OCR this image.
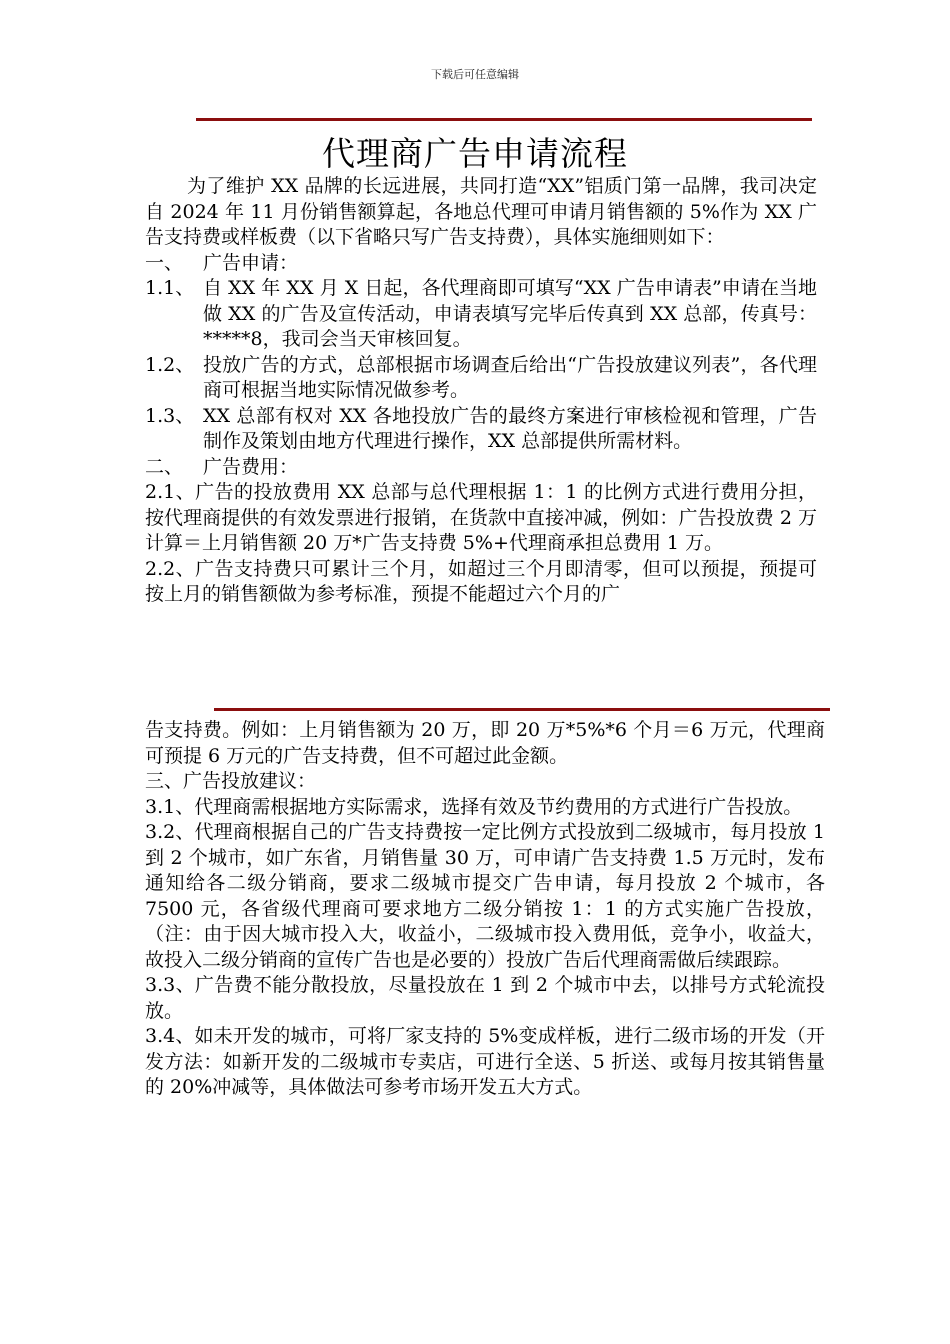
下载后可任意编辑
代理商广告申请流程

为了维护 XX 品牌的长远进展，共同打造“XX”铝质门第一品牌，我司决定自 2024 年 11 月份销售额算起，各地总代理可申请月销售额的 5%作为 XX 广告支持费或样板费（以下省略只写广告支持费），具体实施细则如下：

一、 广告申请：

1.1、 自 XX 年 XX 月 X 日起，各代理商即可填写“XX 广告申请表”申请在当地做 XX 的广告及宣传活动，申请表填写完毕后传真到 XX 总部，传真号：*****8，我司会当天审核回复。
1.2、 投放广告的方式，总部根据市场调查后给出“广告投放建议列表”，各代理商可根据当地实际情况做参考。
1.3、 XX 总部有权对 XX 各地投放广告的最终方案进行审核检视和管理，广告制作及策划由地方代理进行操作，XX 总部提供所需材料。

二、 广告费用：

2.1、广告的投放费用 XX 总部与总代理根据 1：1 的比例方式进行费用分担，按代理商提供的有效发票进行报销，在货款中直接冲减，例如：广告投放费 2 万计算＝上月销售额 20 万*广告支持费 5%+代理商承担总费用 1 万。

2.2、广告支持费只可累计三个月，如超过三个月即清零，但可以预提，预提可按上月的销售额做为参考标准，预提不能超过六个月的广

告支持费。例如：上月销售额为 20 万，即 20 万*5%*6 个月＝6 万元，代理商可预提 6 万元的广告支持费，但不可超过此金额。

三、广告投放建议：

3.1、代理商需根据地方实际需求，选择有效及节约费用的方式进行广告投放。

3.2、代理商根据自己的广告支持费按一定比例方式投放到二级城市，每月投放 1 到 2 个城市，如广东省，月销售量 30 万，可申请广告支持费 1.5 万元时，发布通知给各二级分销商，要求二级城市提交广告申请，每月投放 2 个城市，各 7500 元，各省级代理商可要求地方二级分销按 1：1 的方式实施广告投放，（注：由于因大城市投入大，收益小，二级城市投入费用低，竞争小，收益大，故投入二级分销商的宣传广告也是必要的）投放广告后代理商需做后续跟踪。

3.3、广告费不能分散投放，尽量投放在 1 到 2 个城市中去，以排号方式轮流投放。

3.4、如未开发的城市，可将厂家支持的 5%变成样板，进行二级市场的开发（开发方法：如新开发的二级城市专卖店，可进行全送、5 折送、或每月按其销售量的 20%冲减等，具体做法可参考市场开发五大方式。
